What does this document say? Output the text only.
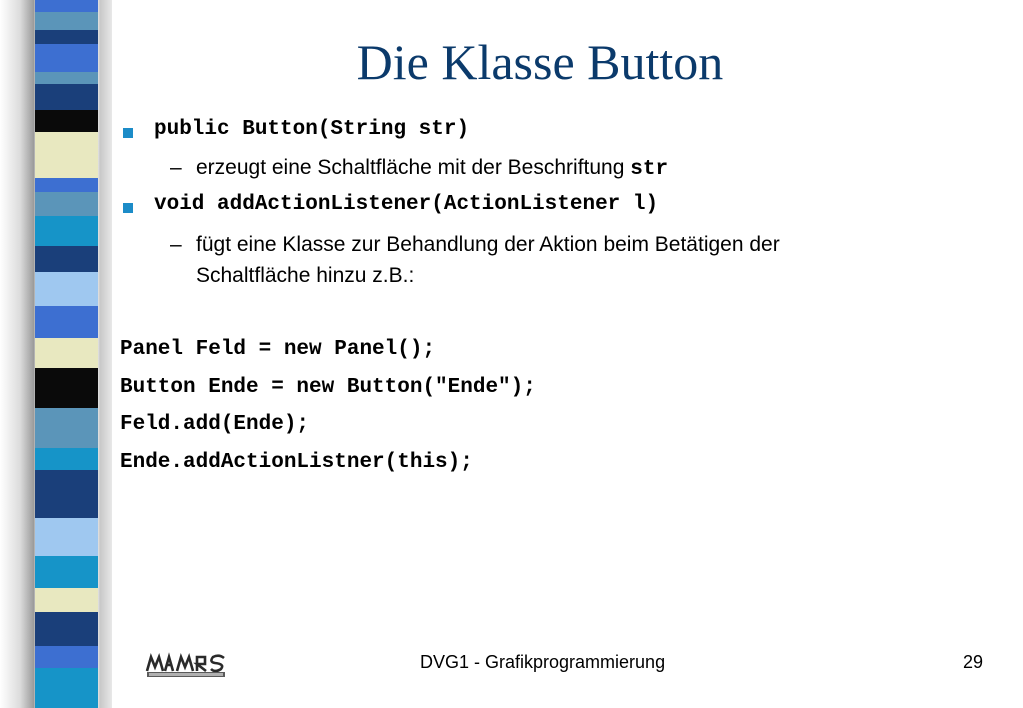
Die Klasse Button
public Button(String str)
– erzeugt eine Schaltfläche mit der Beschriftung str
void addActionListener(ActionListener l)
– fügt eine Klasse zur Behandlung der Aktion beim Betätigen der
Schaltfläche hinzu z.B.:
Panel Feld = new Panel();
Button Ende = new Button("Ende");
Feld.add(Ende);
Ende.addActionListner(this);
DVG1 - Grafikprogrammierung	29
